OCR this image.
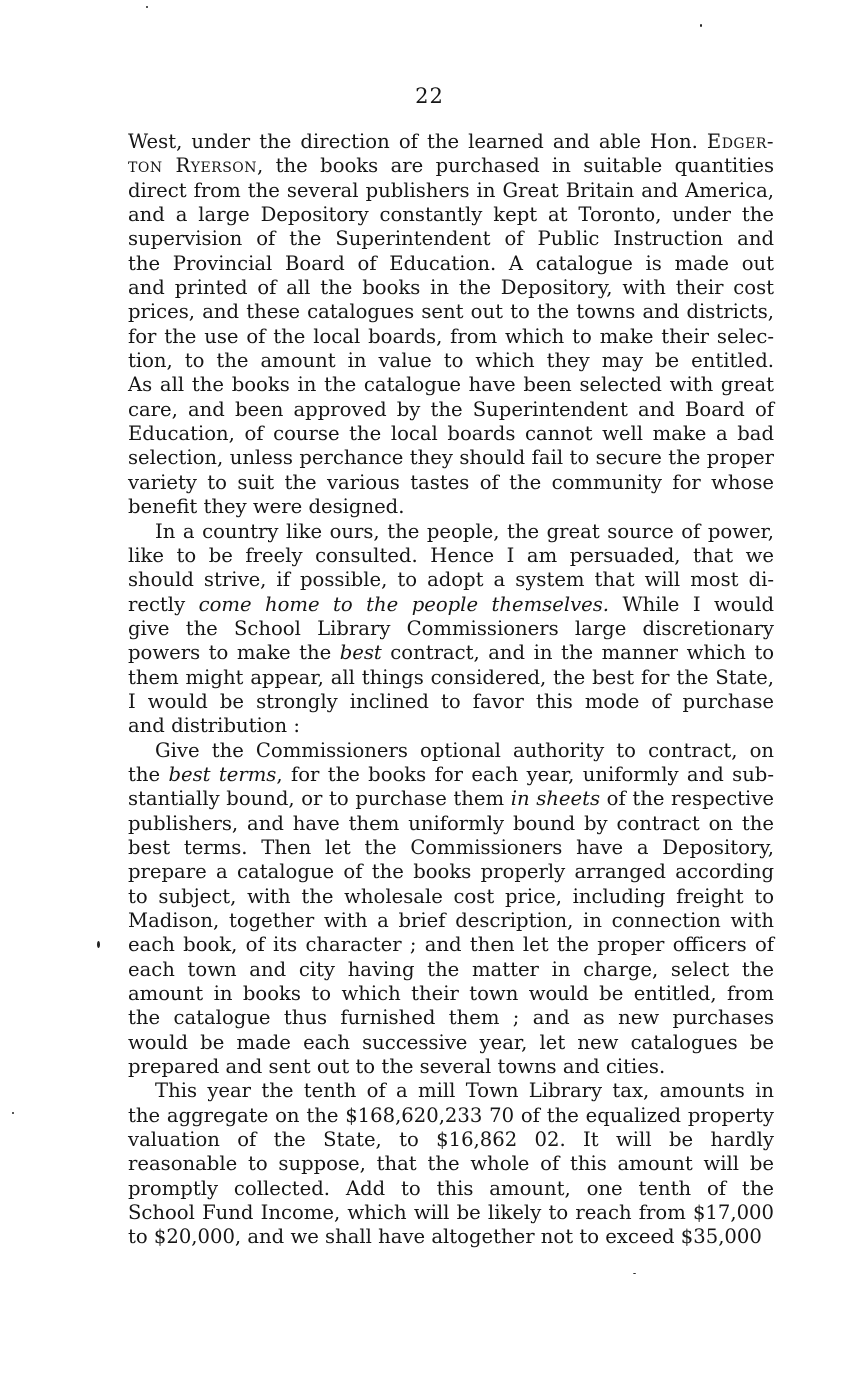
22
West, under the direction of the learned and able Hon. Edger-
ton Ryerson, the books are purchased in suitable quantities
direct from the several publishers in Great Britain and America,
and a large Depository constantly kept at Toronto, under the
supervision of the Superintendent of Public Instruction and
the Provincial Board of Education. A catalogue is made out
and printed of all the books in the Depository, with their cost
prices, and these catalogues sent out to the towns and districts,
for the use of the local boards, from which to make their selec-
tion, to the amount in value to which they may be entitled.
As all the books in the catalogue have been selected with great
care, and been approved by the Superintendent and Board of
Education, of course the local boards cannot well make a bad
selection, unless perchance they should fail to secure the proper
variety to suit the various tastes of the community for whose
benefit they were designed.
In a country like ours, the people, the great source of power,
like to be freely consulted. Hence I am persuaded, that we
should strive, if possible, to adopt a system that will most di-
rectly come home to the people themselves. While I would
give the School Library Commissioners large discretionary
powers to make the best contract, and in the manner which to
them might appear, all things considered, the best for the State,
I would be strongly inclined to favor this mode of purchase
and distribution :
Give the Commissioners optional authority to contract, on
the best terms, for the books for each year, uniformly and sub-
stantially bound, or to purchase them in sheets of the respective
publishers, and have them uniformly bound by contract on the
best terms. Then let the Commissioners have a Depository,
prepare a catalogue of the books properly arranged according
to subject, with the wholesale cost price, including freight to
Madison, together with a brief description, in connection with
each book, of its character ; and then let the proper officers of
each town and city having the matter in charge, select the
amount in books to which their town would be entitled, from
the catalogue thus furnished them ; and as new purchases
would be made each successive year, let new catalogues be
prepared and sent out to the several towns and cities.
This year the tenth of a mill Town Library tax, amounts in
the aggregate on the $168,620,233 70 of the equalized property
valuation of the State, to $16,862 02. It will be hardly
reasonable to suppose, that the whole of this amount will be
promptly collected. Add to this amount, one tenth of the
School Fund Income, which will be likely to reach from $17,000
to $20,000, and we shall have altogether not to exceed $35,000
